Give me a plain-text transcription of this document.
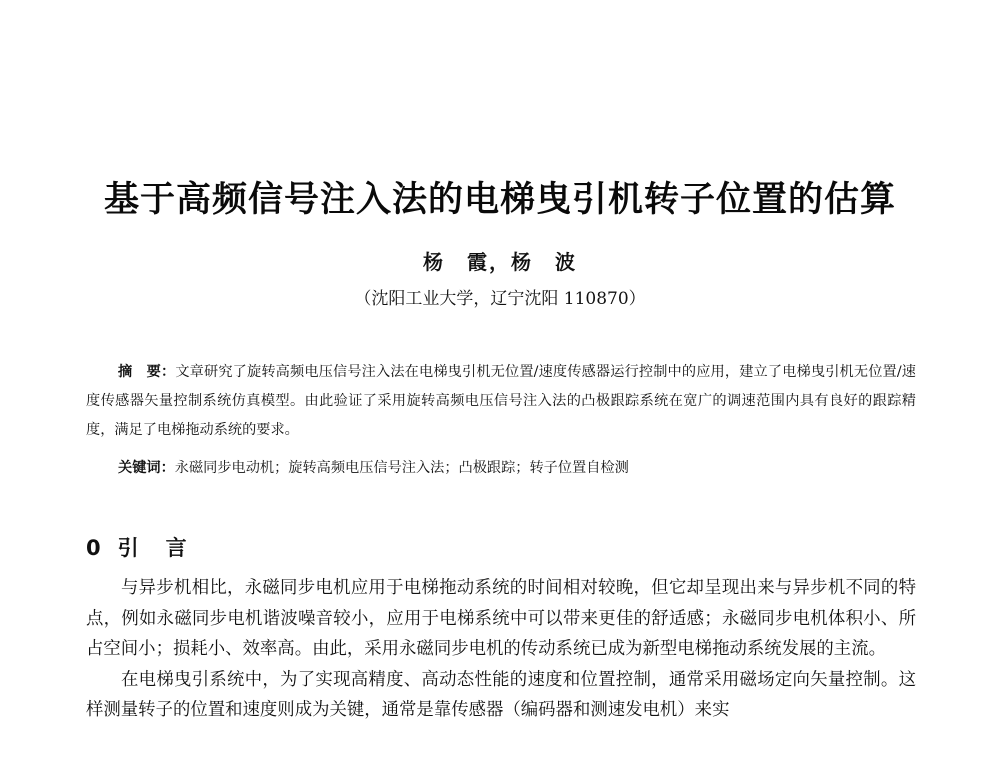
基于高频信号注入法的电梯曳引机转子位置的估算
杨　霞，杨　波
（沈阳工业大学，辽宁沈阳 110870）
摘　要：文章研究了旋转高频电压信号注入法在电梯曳引机无位置/速度传感器运行控制中的应用，建立了电梯曳引机无位置/速度传感器矢量控制系统仿真模型。由此验证了采用旋转高频电压信号注入法的凸极跟踪系统在宽广的调速范围内具有良好的跟踪精度，满足了电梯拖动系统的要求。
关键词：永磁同步电动机；旋转高频电压信号注入法；凸极跟踪；转子位置自检测
0 引　言

与异步机相比，永磁同步电机应用于电梯拖动系统的时间相对较晚，但它却呈现出来与异步机不同的特点，例如永磁同步电机谐波噪音较小，应用于电梯系统中可以带来更佳的舒适感；永磁同步电机体积小、所占空间小；损耗小、效率高。由此，采用永磁同步电机的传动系统已成为新型电梯拖动系统发展的主流。

在电梯曳引系统中，为了实现高精度、高动态性能的速度和位置控制，通常采用磁场定向矢量控制。这样测量转子的位置和速度则成为关键，通常是靠传感器（编码器和测速发电机）来实
